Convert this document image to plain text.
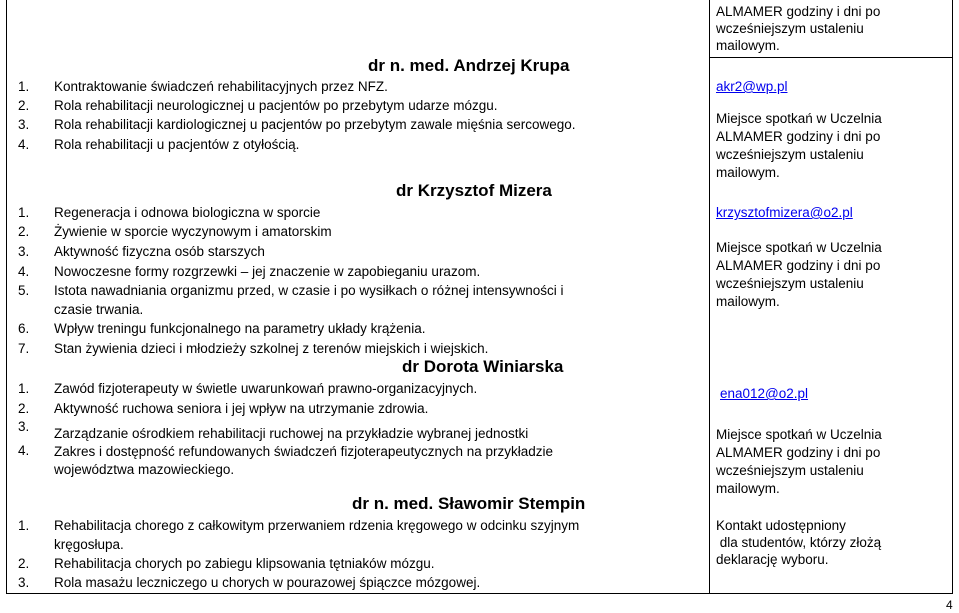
ALMAMER godziny i dni po
wcześniejszym ustaleniu
mailowym.
dr n. med. Andrzej Krupa
1. Kontraktowanie świadczeń rehabilitacyjnych przez NFZ.
2. Rola rehabilitacji neurologicznej u pacjentów po przebytym udarze mózgu.
3. Rola rehabilitacji kardiologicznej u pacjentów po przebytym zawale mięśnia sercowego.
4. Rola rehabilitacji u pacjentów z otyłością.
akr2@wp.pl
Miejsce spotkań w Uczelnia
ALMAMER godziny i dni po
wcześniejszym ustaleniu
mailowym.
dr Krzysztof Mizera
1. Regeneracja i odnowa biologiczna w sporcie
2. Żywienie w sporcie wyczynowym i amatorskim
3. Aktywność fizyczna osób starszych
4. Nowoczesne formy rozgrzewki – jej znaczenie w zapobieganiu urazom.
5. Istota nawadniania organizmu przed, w czasie i po wysiłkach o różnej intensywności i
czasie trwania.
6. Wpływ treningu funkcjonalnego na parametry układy krążenia.
7. Stan żywienia dzieci i młodzieży szkolnej z terenów miejskich i wiejskich.
krzysztofmizera@o2.pl
Miejsce spotkań w Uczelnia
ALMAMER godziny i dni po
wcześniejszym ustaleniu
mailowym.
dr Dorota Winiarska
1. Zawód fizjoterapeuty w świetle uwarunkowań prawno-organizacyjnych.
2. Aktywność ruchowa seniora i jej wpływ na utrzymanie zdrowia.
3. Zarządzanie ośrodkiem rehabilitacji ruchowej na przykładzie wybranej jednostki
4. Zakres i dostępność refundowanych świadczeń fizjoterapeutycznych na przykładzie
województwa mazowieckiego.
ena012@o2.pl
Miejsce spotkań w Uczelnia
ALMAMER godziny i dni po
wcześniejszym ustaleniu
mailowym.
dr n. med. Sławomir Stempin
1. Rehabilitacja chorego z całkowitym przerwaniem rdzenia kręgowego w odcinku szyjnym
kręgosłupa.
2. Rehabilitacja chorych po zabiegu klipsowania tętniaków mózgu.
3. Rola masażu leczniczego u chorych w pourazowej śpiączce mózgowej.
Kontakt udostępniony
dla studentów, którzy złożą
deklarację wyboru.
4
